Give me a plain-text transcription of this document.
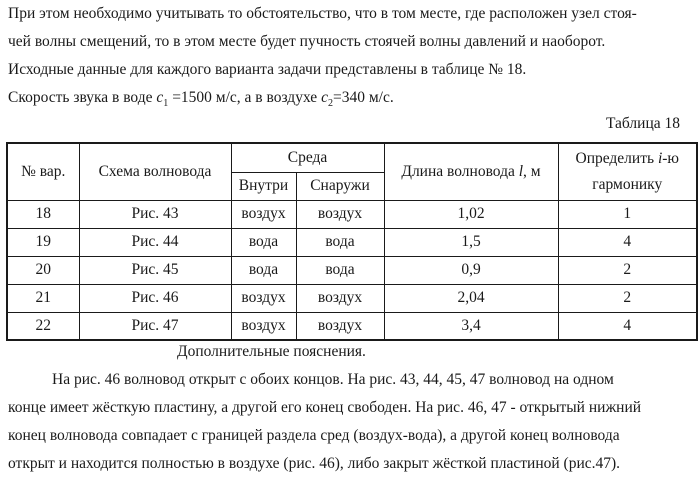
При этом необходимо учитывать то обстоятельство, что в том месте, где расположен узел стоя-
чей волны смещений, то в этом месте будет пучность стоячей волны давлений и наоборот.
Исходные данные для каждого варианта задачи представлены в таблице № 18.
Скорость звука в воде $c_1 =1500$ м/с, а в воздухе $c_2=340$ м/с.
Таблица 18
№ вар.	Схема волновода	Среда		Длина волновода l, м	Определить i-ю
гармонику
		Внутри	Снаружи		
18	Рис. 43	воздух	воздух	1,02	1
19	Рис. 44	вода	вода	1,5	4
20	Рис. 45	вода	вода	0,9	2
21	Рис. 46	воздух	воздух	2,04	2
22	Рис. 47	воздух	воздух	3,4	4
Дополнительные пояснения.
На рис. 46 волновод открыт с обоих концов. На рис. 43, 44, 45, 47 волновод на одном
конце имеет жёсткую пластину, а другой его конец свободен. На рис. 46, 47 - открытый нижний
конец волновода совпадает с границей раздела сред (воздух-вода), а другой конец волновода
открыт и находится полностью в воздухе (рис. 46), либо закрыт жёсткой пластиной (рис.47).
